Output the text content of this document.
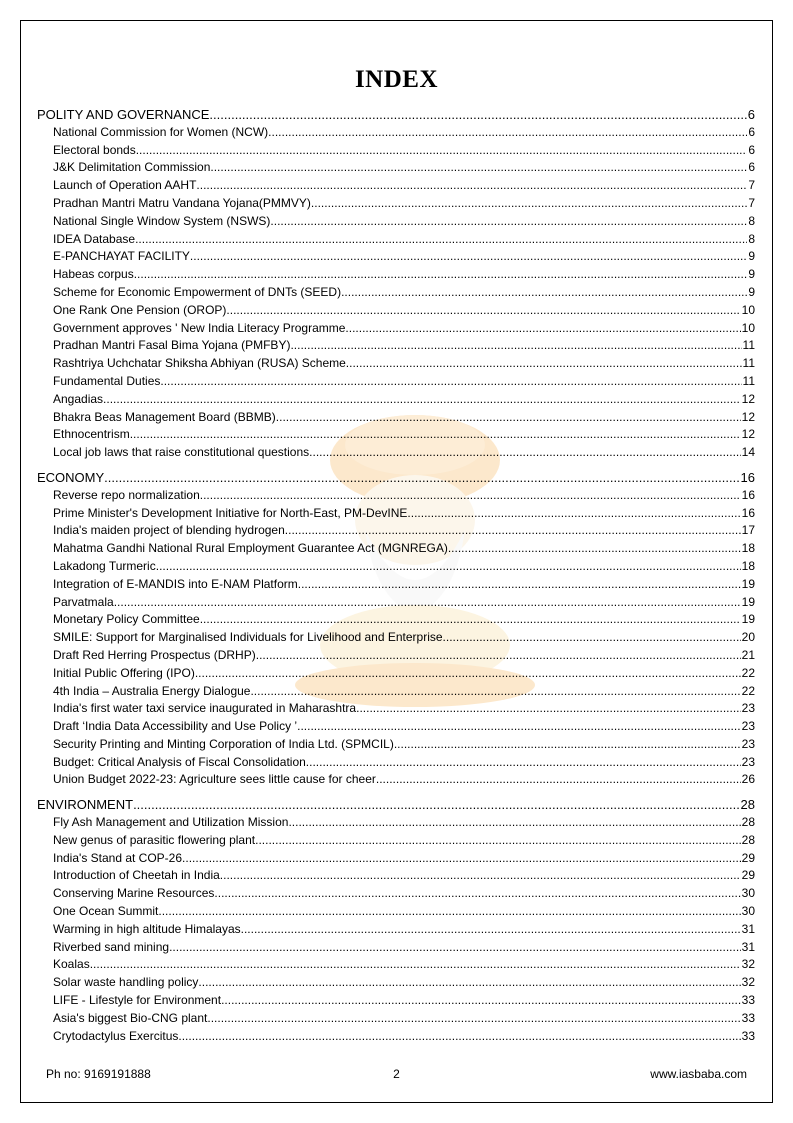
INDEX
POLITY AND GOVERNANCE .....	6
National Commission for Women (NCW) .....	6
Electoral bonds .....	6
J&K Delimitation Commission .....	6
Launch of Operation AAHT .....	7
Pradhan Mantri Matru Vandana Yojana(PMMVY) .....	7
National Single Window System (NSWS) .....	8
IDEA Database .....	8
E-PANCHAYAT FACILITY .....	9
Habeas corpus .....	9
Scheme for Economic Empowerment of DNTs (SEED) .....	9
One Rank One Pension (OROP) .....	10
Government approves ' New India Literacy Programme .....	10
Pradhan Mantri Fasal Bima Yojana (PMFBY) .....	11
Rashtriya Uchchatar Shiksha Abhiyan (RUSA) Scheme .....	11
Fundamental Duties .....	11
Angadias .....	12
Bhakra Beas Management Board (BBMB) .....	12
Ethnocentrism .....	12
Local job laws that raise constitutional questions .....	14
ECONOMY .....	16
Reverse repo normalization .....	16
Prime Minister's Development Initiative for North-East, PM-DevINE .....	16
India's maiden project of blending hydrogen .....	17
Mahatma Gandhi National Rural Employment Guarantee Act (MGNREGA) .....	18
Lakadong Turmeric .....	18
Integration of E-MANDIS into E-NAM Platform .....	19
Parvatmala .....	19
Monetary Policy Committee .....	19
SMILE: Support for Marginalised Individuals for Livelihood and Enterprise .....	20
Draft Red Herring Prospectus (DRHP) .....	21
Initial Public Offering (IPO) .....	22
4th India – Australia Energy Dialogue .....	22
India's first water taxi service inaugurated in Maharashtra .....	23
Draft ‘India Data Accessibility and Use Policy ’ .....	23
Security Printing and Minting Corporation of India Ltd. (SPMCIL) .....	23
Budget: Critical Analysis of Fiscal Consolidation .....	23
Union Budget 2022-23: Agriculture sees little cause for cheer .....	26
ENVIRONMENT .....	28
Fly Ash Management and Utilization Mission .....	28
New genus of parasitic flowering plant .....	28
India's Stand at COP-26 .....	29
Introduction of Cheetah in India .....	29
Conserving Marine Resources .....	30
One Ocean Summit .....	30
Warming in high altitude Himalayas .....	31
Riverbed sand mining .....	31
Koalas .....	32
Solar waste handling policy .....	32
LIFE - Lifestyle for Environment .....	33
Asia's biggest Bio-CNG plant .....	33
Crytodactylus Exercitus .....	33
Ph no: 9169191888	2	www.iasbaba.com
